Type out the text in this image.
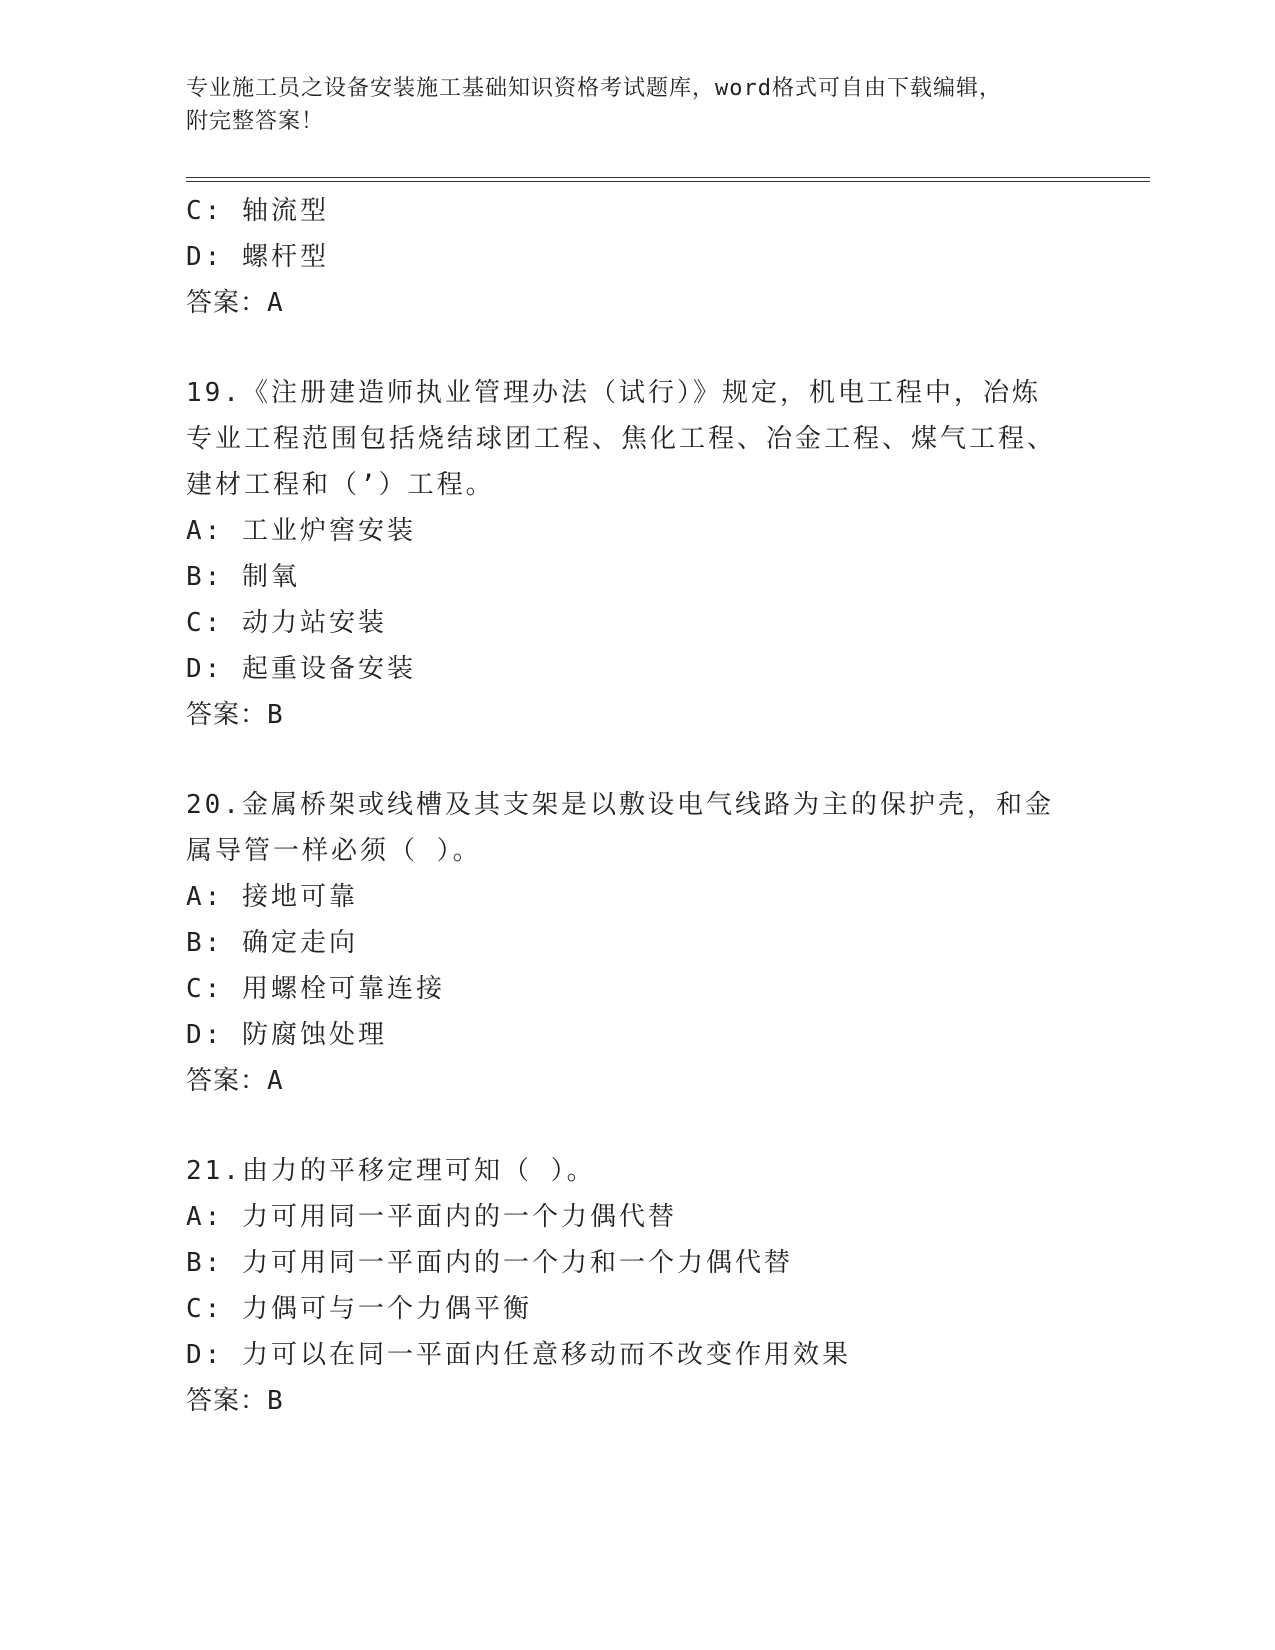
专业施工员之设备安装施工基础知识资格考试题库，word格式可自由下载编辑，
附完整答案！
C: 轴流型
D: 螺杆型
答案：A
19.《注册建造师执业管理办法（试行）》规定，机电工程中，冶炼专业工程范围包括烧结球团工程、焦化工程、冶金工程、煤气工程、建材工程和（’）工程。
A: 工业炉窖安装
B: 制氧
C: 动力站安装
D: 起重设备安装
答案：B
20.金属桥架或线槽及其支架是以敷设电气线路为主的保护壳，和金属导管一样必须（ ）。
A: 接地可靠
B: 确定走向
C: 用螺栓可靠连接
D: 防腐蚀处理
答案：A
21.由力的平移定理可知（ ）。
A: 力可用同一平面内的一个力偶代替
B: 力可用同一平面内的一个力和一个力偶代替
C: 力偶可与一个力偶平衡
D: 力可以在同一平面内任意移动而不改变作用效果
答案：B
